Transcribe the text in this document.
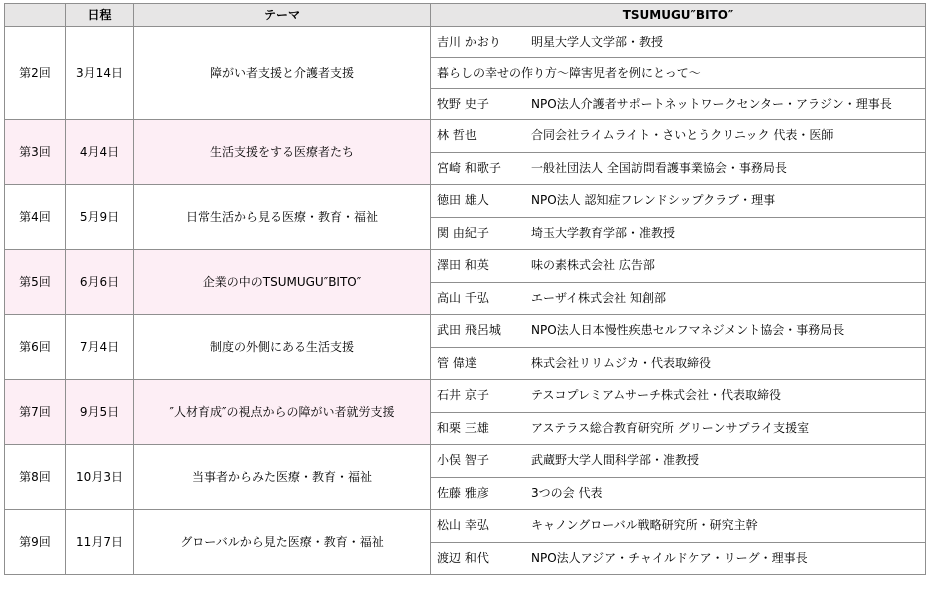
	日程	テーマ	TSUMUGU″BITO″
第2回	3月14日	障がい者支援と介護者支援	吉川 かおり 明星大学人文学部・教授
			暮らしの幸せの作り方～障害児者を例にとって～
			牧野 史子 NPO法人介護者サポートネットワークセンター・アラジン・理事長
第3回	4月4日	生活支援をする医療者たち	林 哲也 合同会社ライムライト・さいとうクリニック 代表・医師
			宮崎 和歌子 一般社団法人 全国訪問看護事業協会・事務局長
第4回	5月9日	日常生活から見る医療・教育・福祉	徳田 雄人 NPO法人 認知症フレンドシップクラブ・理事
			関 由紀子 埼玉大学教育学部・准教授
第5回	6月6日	企業の中のTSUMUGU″BITO″	澤田 和英 味の素株式会社 広告部
			高山 千弘 エーザイ株式会社 知創部
第6回	7月4日	制度の外側にある生活支援	武田 飛呂城 NPO法人日本慢性疾患セルフマネジメント協会・事務局長
			管 偉達 株式会社リリムジカ・代表取締役
第7回	9月5日	″人材育成″の視点からの障がい者就労支援	石井 京子 テスコプレミアムサーチ株式会社・代表取締役
			和栗 三雄 アステラス総合教育研究所 グリーンサプライ支援室
第8回	10月3日	当事者からみた医療・教育・福祉	小俣 智子 武蔵野大学人間科学部・准教授
			佐藤 雅彦 3つの会 代表
第9回	11月7日	グローバルから見た医療・教育・福祉	松山 幸弘 キャノングローバル戦略研究所・研究主幹
			渡辺 和代 NPO法人アジア・チャイルドケア・リーグ・理事長
